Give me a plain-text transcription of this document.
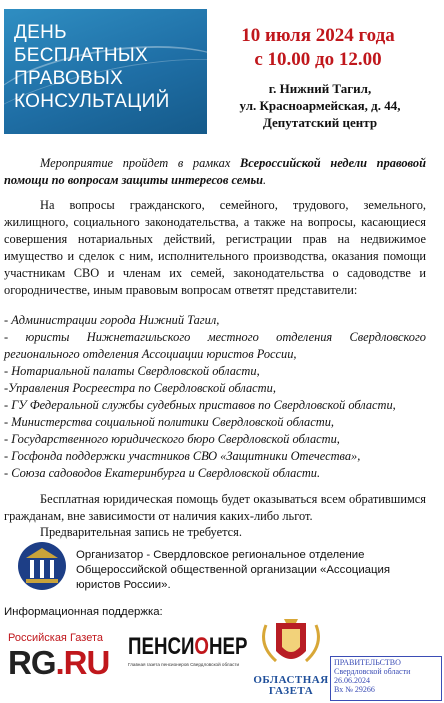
ДЕНЬ
БЕСПЛАТНЫХ
ПРАВОВЫХ
КОНСУЛЬТАЦИЙ
10 июля 2024 года
с 10.00 до 12.00
г. Нижний Тагил,
ул. Красноармейская, д. 44,
Депутатский центр
Мероприятие пройдет в рамках Всероссийской недели правовой помощи по вопросам защиты интересов семьи.
На вопросы гражданского, семейного, трудового, земельного, жилищного, социального законодательства, а также на вопросы, касающиеся совершения нотариальных действий, регистрации прав на недвижимое имущество и сделок с ним, исполнительного производства, оказания помощи участникам СВО и членам их семей, законодательства о садоводстве и огородничестве, иным правовым вопросам ответят представители:
- Администрации города Нижний Тагил,
- юристы Нижнетагильского местного отделения Свердловского регионального отделения Ассоциации юристов России,
- Нотариальной палаты Свердловской области,
-Управления Росреестра по Свердловской области,
- ГУ Федеральной службы судебных приставов по Свердловской области,
- Министерства социальной политики Свердловской области,
- Государственного юридического бюро Свердловской области,
- Госфонда поддержки участников СВО «Защитники Отечества»,
- Союза садоводов Екатеринбурга и Свердловской области.
Бесплатная юридическая помощь будет оказываться всем обратившимся гражданам, вне зависимости от наличия каких-либо льгот.
Предварительная запись не требуется.
Организатор - Свердловское региональное отделение Общероссийской общественной организации «Ассоциация юристов России».
Информационная поддержка:
Российская Газета
RG.RU ПЕНСИОНЕР
Главная газета пенсионеров Свердловской области
ОБЛАСТНАЯ
ГАЗЕТА
ПРАВИТЕЛЬСТВО
Свердловской области
26.06.2024
Вх № 29266
